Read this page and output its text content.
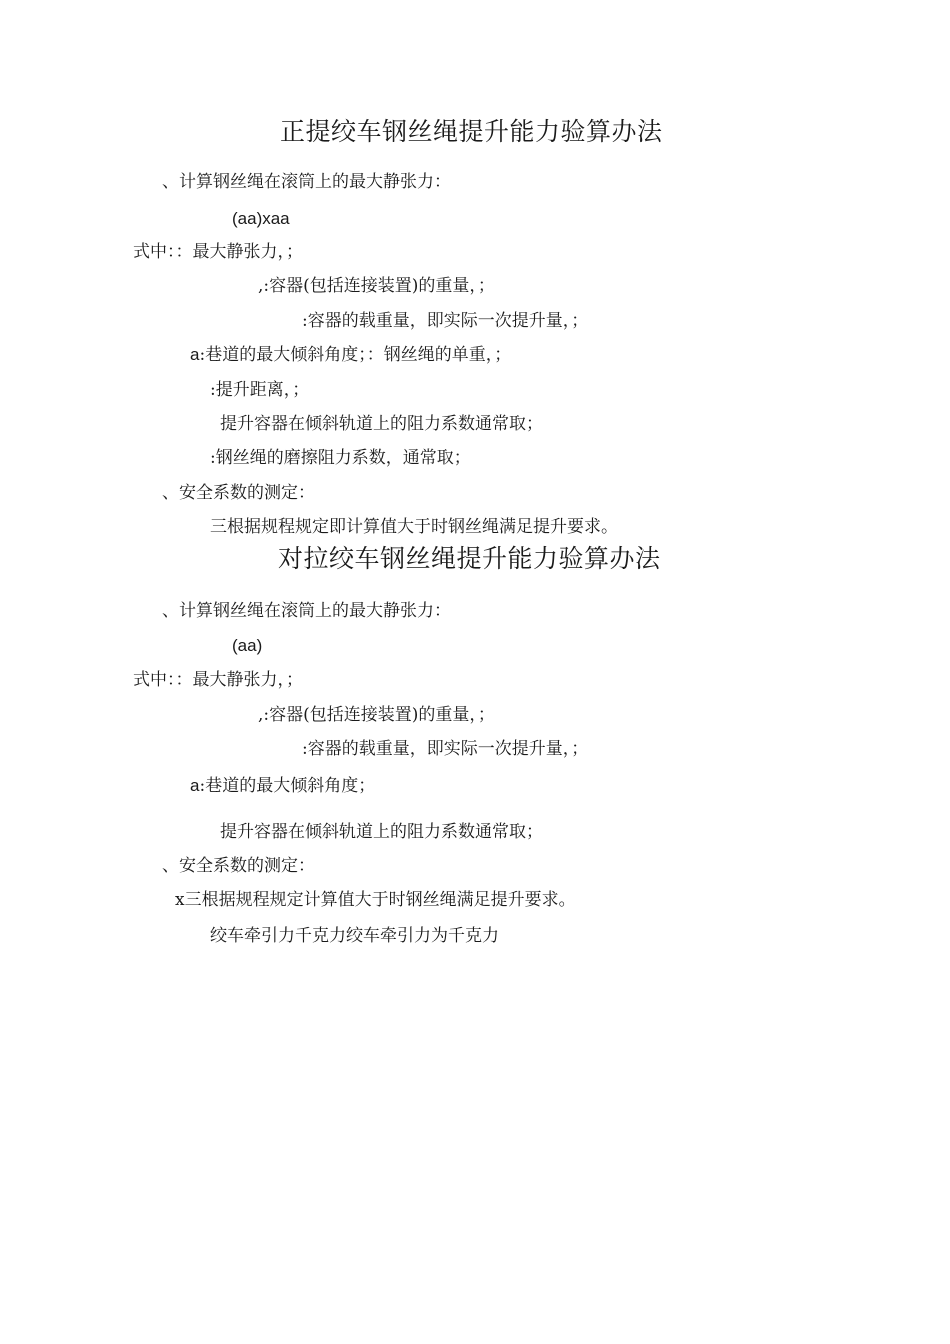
正提绞车钢丝绳提升能力验算办法
、计算钢丝绳在滚筒上的最大静张力：
(aa)xaa
式中：：最大静张力，；
,:容器(包括连接装置)的重量，；
:容器的载重量，即实际一次提升量，；
a:巷道的最大倾斜角度；：钢丝绳的单重，；
:提升距离，；
提升容器在倾斜轨道上的阻力系数通常取；
:钢丝绳的磨擦阻力系数，通常取；
、安全系数的测定：
三根据规程规定即计算值大于时钢丝绳满足提升要求。
对拉绞车钢丝绳提升能力验算办法
、计算钢丝绳在滚筒上的最大静张力：
(aa)
式中：：最大静张力，；
,:容器(包括连接装置)的重量，；
:容器的载重量，即实际一次提升量，；
a:巷道的最大倾斜角度；
提升容器在倾斜轨道上的阻力系数通常取；
、安全系数的测定：
x三根据规程规定计算值大于时钢丝绳满足提升要求。
绞车牵引力千克力绞车牵引力为千克力
